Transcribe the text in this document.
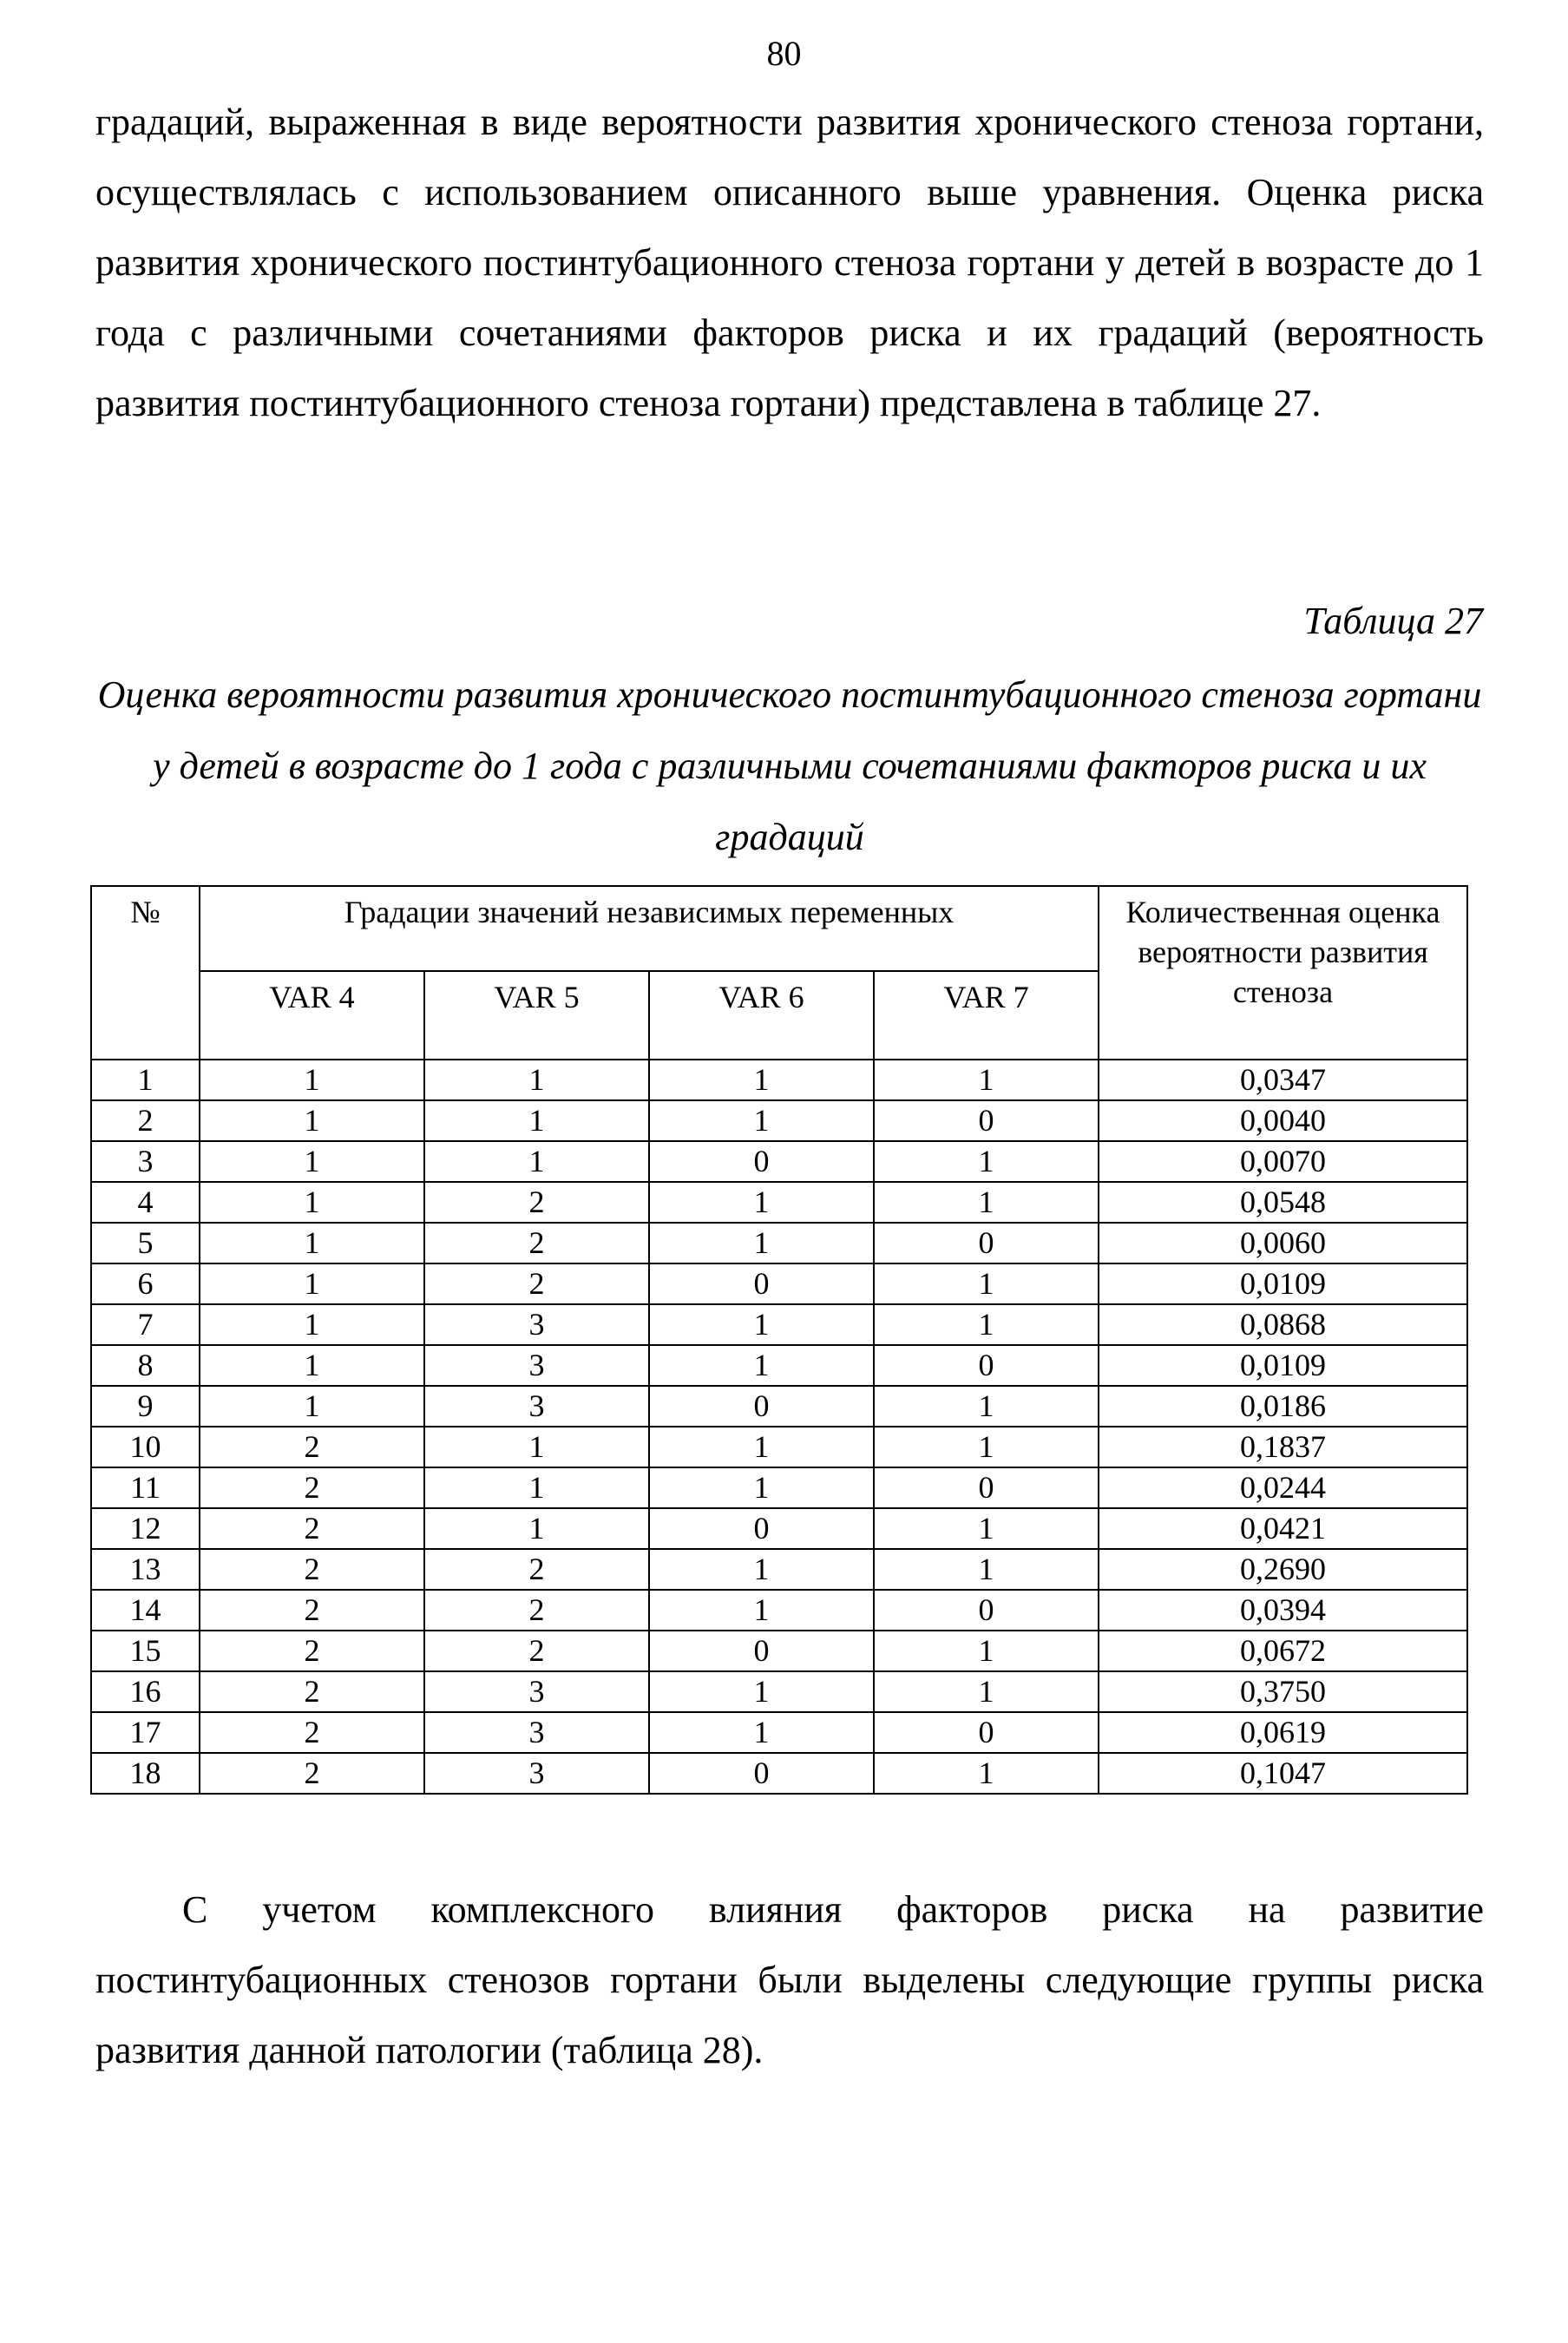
80

градаций, выраженная в виде вероятности развития хронического стеноза гортани, осуществлялась с использованием описанного выше уравнения. Оценка риска развития хронического постинтубационного стеноза гортани у детей в возрасте до 1 года с различными сочетаниями факторов риска и их градаций (вероятность развития постинтубационного стеноза гортани) представлена в таблице 27.

Таблица 27

Оценка вероятности развития хронического постинтубационного стеноза гортани у детей в возрасте до 1 года с различными сочетаниями факторов риска и их градаций

№	Градации значений независимых переменных				Количественная оценка вероятности развития стеноза
	VAR 4	VAR 5	VAR 6	VAR 7	
1	1	1	1	1	0,0347
2	1	1	1	0	0,0040
3	1	1	0	1	0,0070
4	1	2	1	1	0,0548
5	1	2	1	0	0,0060
6	1	2	0	1	0,0109
7	1	3	1	1	0,0868
8	1	3	1	0	0,0109
9	1	3	0	1	0,0186
10	2	1	1	1	0,1837
11	2	1	1	0	0,0244
12	2	1	0	1	0,0421
13	2	2	1	1	0,2690
14	2	2	1	0	0,0394
15	2	2	0	1	0,0672
16	2	3	1	1	0,3750
17	2	3	1	0	0,0619
18	2	3	0	1	0,1047

С учетом комплексного влияния факторов риска на развитие постинтубационных стенозов гортани были выделены следующие группы риска развития данной патологии (таблица 28).
